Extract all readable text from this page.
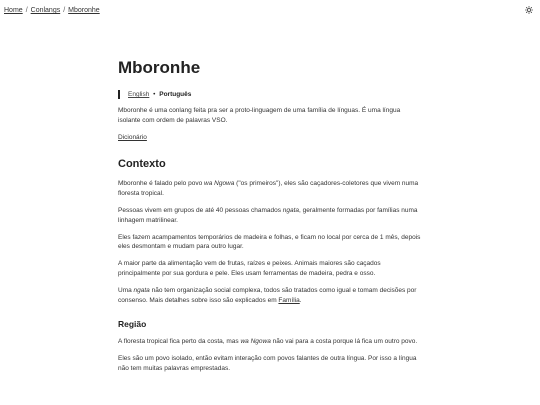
Home / Conlangs / Mboronhe
Mboronhe
English • Português

Mboronhe é uma conlang feita pra ser a proto-linguagem de uma família de línguas. É uma língua isolante com ordem de palavras VSO.

Dicionário

Contexto

Mboronhe é falado pelo povo wa Ngowa ("os primeiros"), eles são caçadores-coletores que vivem numa floresta tropical.

Pessoas vivem em grupos de até 40 pessoas chamados ngata, geralmente formadas por famílias numa linhagem matrilinear.

Eles fazem acampamentos temporários de madeira e folhas, e ficam no local por cerca de 1 mês, depois eles desmontam e mudam para outro lugar.

A maior parte da alimentação vem de frutas, raízes e peixes. Animais maiores são caçados principalmente por sua gordura e pele. Eles usam ferramentas de madeira, pedra e osso.

Uma ngata não tem organização social complexa, todos são tratados como igual e tomam decisões por consenso. Mais detalhes sobre isso são explicados em Família.

Região

A floresta tropical fica perto da costa, mas wa Ngowa não vai para a costa porque lá fica um outro povo.

Eles são um povo isolado, então evitam interação com povos falantes de outra língua. Por isso a língua não tem muitas palavras emprestadas.
